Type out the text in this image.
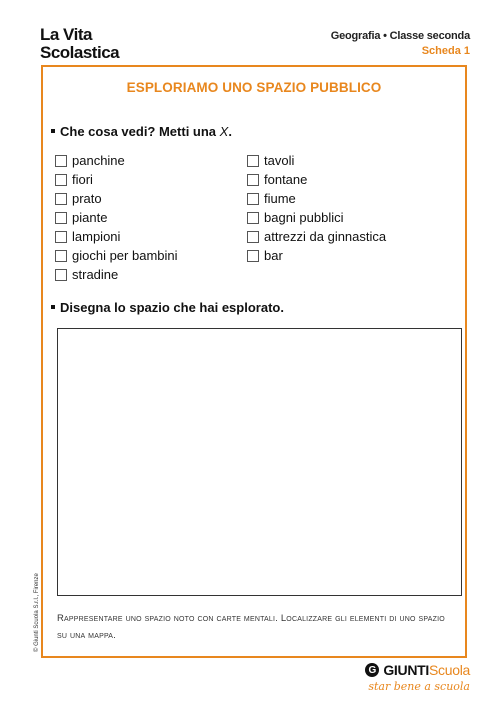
La Vita
Scolastica
Geografia • Classe seconda
Scheda 1
ESPLORIAMO UNO SPAZIO PUBBLICO
Che cosa vedi? Metti una X.
panchine
fiori
prato
piante
lampioni
giochi per bambini
stradine
tavoli
fontane
fiume
bagni pubblici
attrezzi da ginnastica
bar
Disegna lo spazio che hai esplorato.
Rappresentare uno spazio noto con carte mentali. Localizzare gli elementi di uno spazio su una mappa.
© Giunti Scuola S.r.l., Firenze
G GIUNTI Scuola
star bene a scuola
